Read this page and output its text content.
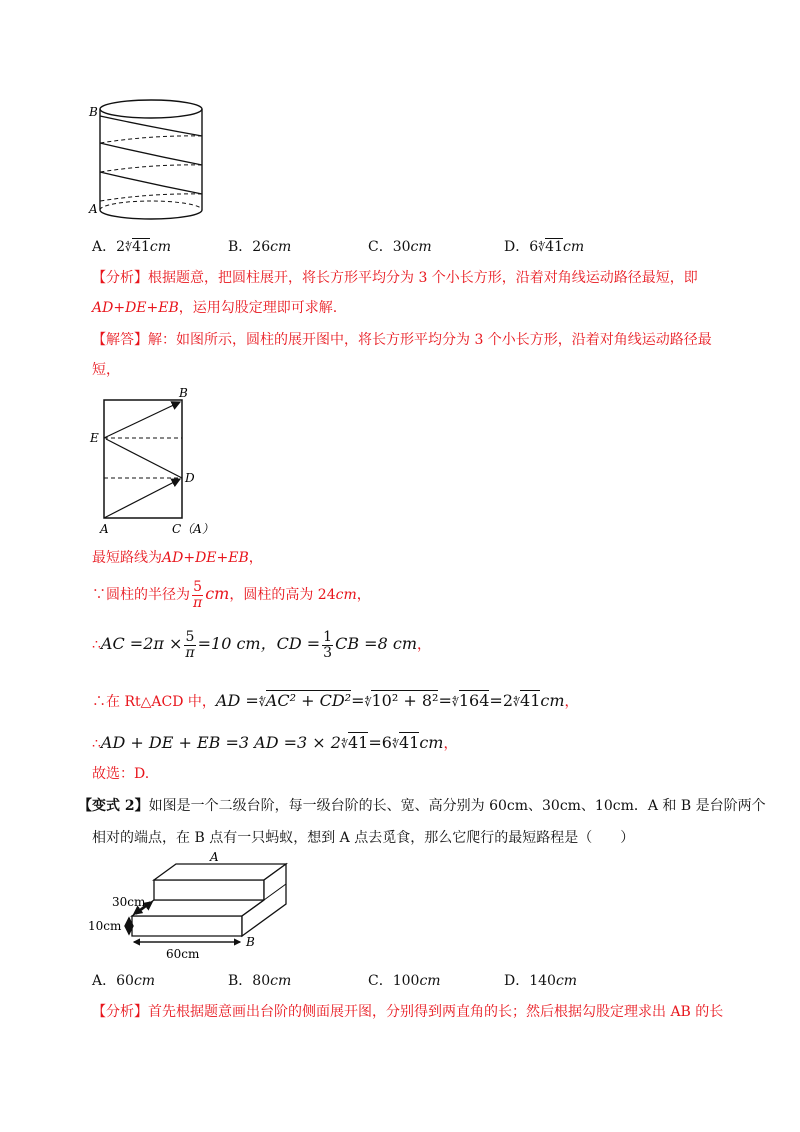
B
A
A．2∜41cm	B．26cm	C．30cm	D．6∜41cm
【分析】根据题意，把圆柱展开，将长方形平均分为 3 个小长方形，沿着对角线运动路径最短，即
AD+DE+EB，运用勾股定理即可求解.
【解答】解：如图所示，圆柱的展开图中，将长方形平均分为 3 个小长方形，沿着对角线运动路径最
短，
B
E
D
A	C（A）
最短路线为AD+DE+EB，
∵圆柱的半径为 $\frac{5}{\pi}$ cm，圆柱的高为 24cm，
∴AC $=2\pi \times \frac{5}{\pi} =10$ cm，CD = $\frac{1}{3}$ CB =8 cm，
∴在 Rt△ACD 中，AD =∜AC² + CD²=∜10² + 8²=∜164=2∜41cm，
∴AD + DE + EB =3 AD =3 × 2∜41=6∜41cm，
故选：D.
【变式 2】如图是一个二级台阶，每一级台阶的长、宽、高分别为 60cm、30cm、10cm．A 和 B 是台阶两个
相对的端点，在 B 点有一只蚂蚁，想到 A 点去觅食，那么它爬行的最短路程是（　　）
A
B
30cm
10cm
60cm
A．60cm	B．80cm	C．100cm	D．140cm
【分析】首先根据题意画出台阶的侧面展开图，分别得到两直角的长；然后根据勾股定理求出 AB 的长
